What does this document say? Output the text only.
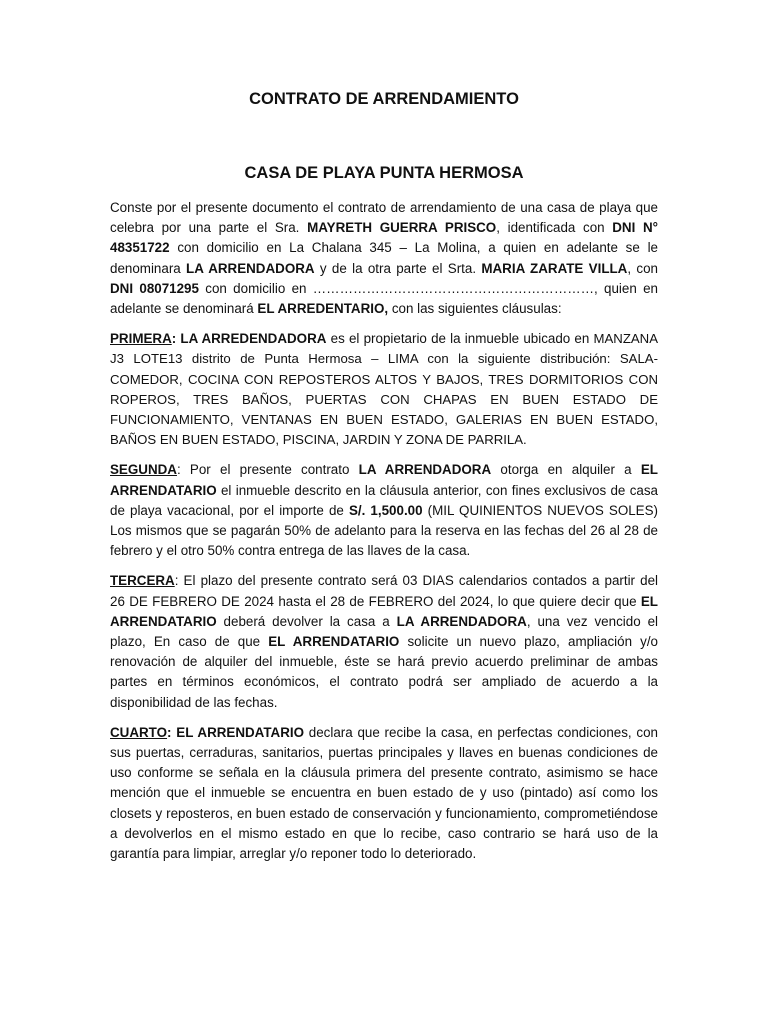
CONTRATO DE ARRENDAMIENTO
CASA DE PLAYA PUNTA HERMOSA

Conste por el presente documento el contrato de arrendamiento de una casa de playa que celebra por una parte el Sra. MAYRETH GUERRA PRISCO, identificada con DNI N° 48351722 con domicilio en La Chalana 345 – La Molina, a quien en adelante se le denominara LA ARRENDADORA y de la otra parte el Srta. MARIA ZARATE VILLA, con DNI 08071295 con domicilio en ………………………………………………………, quien en adelante se denominará EL ARREDENTARIO, con las siguientes cláusulas:

PRIMERA: LA ARREDENDADORA es el propietario de la inmueble ubicado en MANZANA J3 LOTE13 distrito de Punta Hermosa – LIMA con la siguiente distribución: SALA-COMEDOR, COCINA CON REPOSTEROS ALTOS Y BAJOS, TRES DORMITORIOS CON ROPEROS, TRES BAÑOS, PUERTAS CON CHAPAS EN BUEN ESTADO DE FUNCIONAMIENTO, VENTANAS EN BUEN ESTADO, GALERIAS EN BUEN ESTADO, BAÑOS EN BUEN ESTADO, PISCINA, JARDIN Y ZONA DE PARRILA.

SEGUNDA: Por el presente contrato LA ARRENDADORA otorga en alquiler a EL ARRENDATARIO el inmueble descrito en la cláusula anterior, con fines exclusivos de casa de playa vacacional, por el importe de S/. 1,500.00 (MIL QUINIENTOS NUEVOS SOLES) Los mismos que se pagarán 50% de adelanto para la reserva en las fechas del 26 al 28 de febrero y el otro 50% contra entrega de las llaves de la casa.

TERCERA: El plazo del presente contrato será 03 DIAS calendarios contados a partir del 26 DE FEBRERO DE 2024 hasta el 28 de FEBRERO del 2024, lo que quiere decir que EL ARRENDATARIO deberá devolver la casa a LA ARRENDADORA, una vez vencido el plazo, En caso de que EL ARRENDATARIO solicite un nuevo plazo, ampliación y/o renovación de alquiler del inmueble, éste se hará previo acuerdo preliminar de ambas partes en términos económicos, el contrato podrá ser ampliado de acuerdo a la disponibilidad de las fechas.

CUARTO: EL ARRENDATARIO declara que recibe la casa, en perfectas condiciones, con sus puertas, cerraduras, sanitarios, puertas principales y llaves en buenas condiciones de uso conforme se señala en la cláusula primera del presente contrato, asimismo se hace mención que el inmueble se encuentra en buen estado de y uso (pintado) así como los closets y reposteros, en buen estado de conservación y funcionamiento, comprometiéndose a devolverlos en el mismo estado en que lo recibe, caso contrario se hará uso de la garantía para limpiar, arreglar y/o reponer todo lo deteriorado.
